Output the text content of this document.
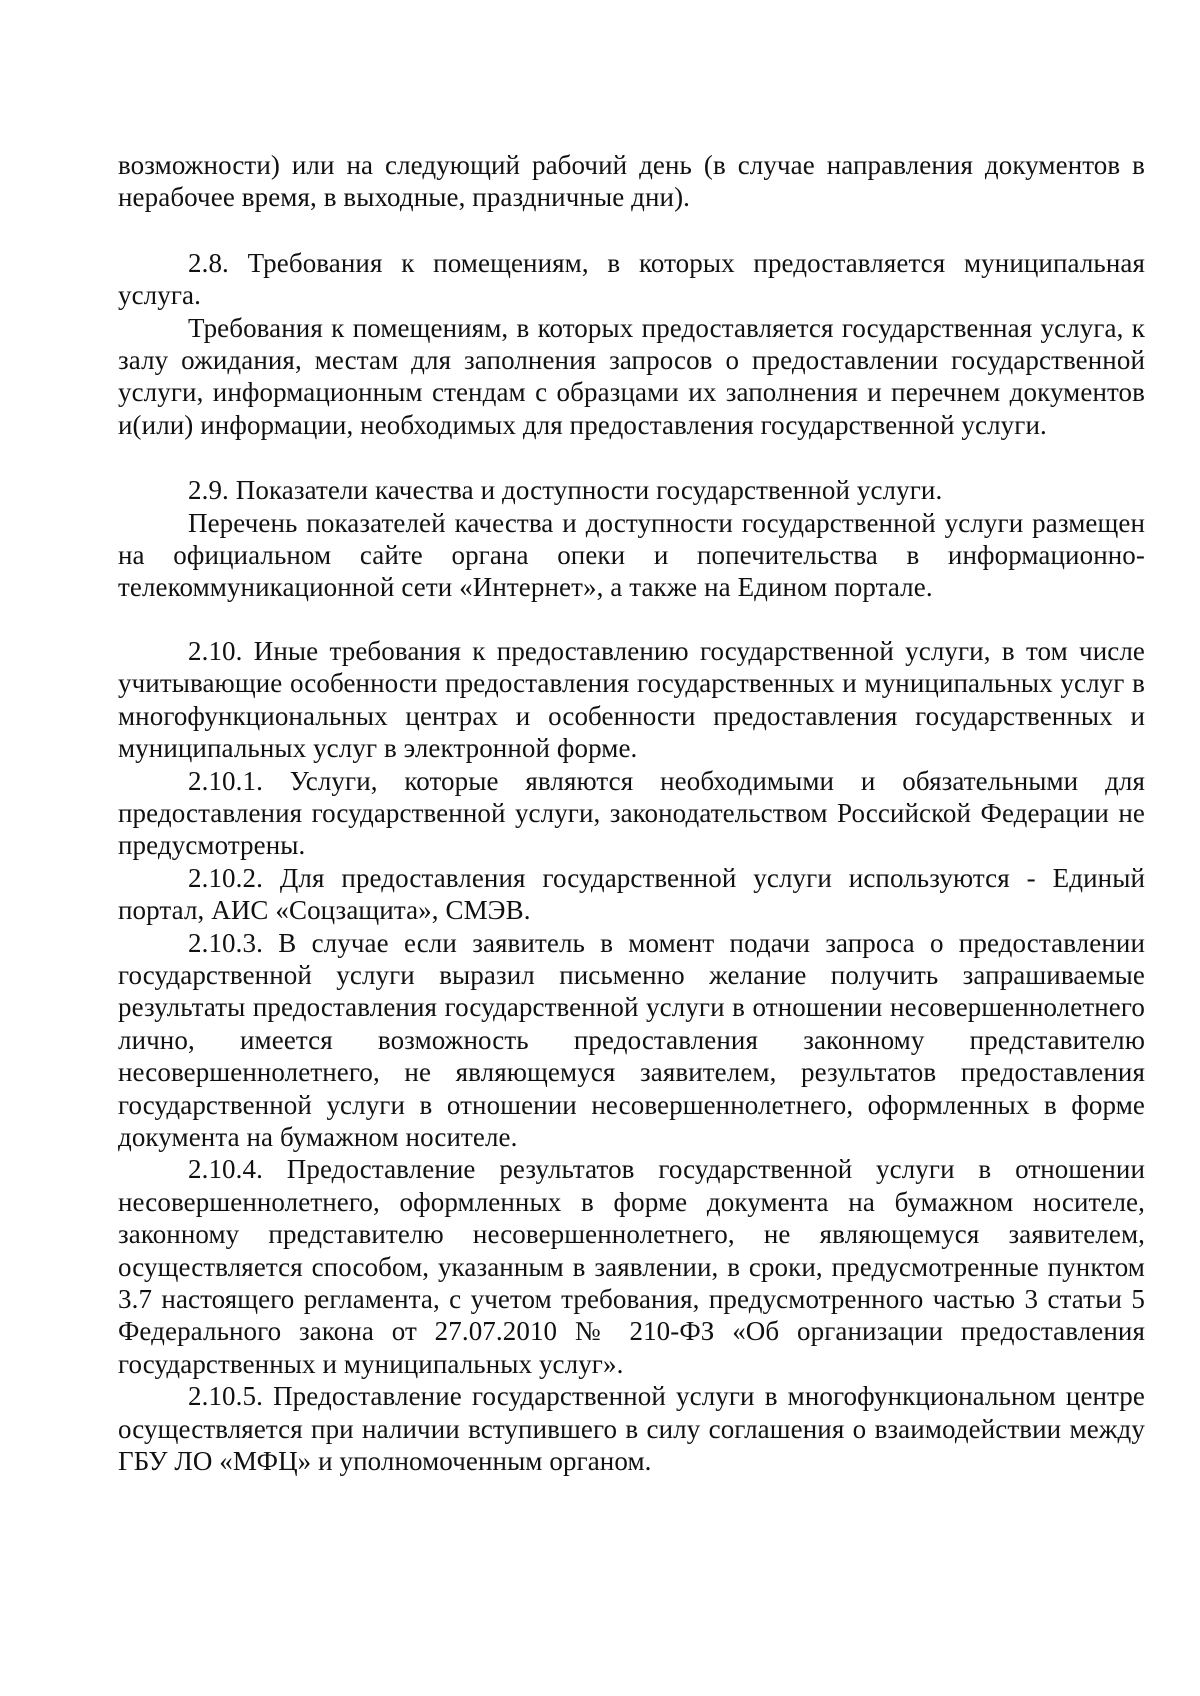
возможности) или на следующий рабочий день (в случае направления документов в нерабочее время, в выходные, праздничные дни).

2.8. Требования к помещениям, в которых предоставляется муниципальная услуга.

Требования к помещениям, в которых предоставляется государственная услуга, к залу ожидания, местам для заполнения запросов о предоставлении государственной услуги, информационным стендам с образцами их заполнения и перечнем документов и(или) информации, необходимых для предоставления государственной услуги.

2.9. Показатели качества и доступности государственной услуги.

Перечень показателей качества и доступности государственной услуги размещен на официальном сайте органа опеки и попечительства в информационно-телекоммуникационной сети «Интернет», а также на Едином портале.

2.10. Иные требования к предоставлению государственной услуги, в том числе учитывающие особенности предоставления государственных и муниципальных услуг в многофункциональных центрах и особенности предоставления государственных и муниципальных услуг в электронной форме.

2.10.1. Услуги, которые являются необходимыми и обязательными для предоставления государственной услуги, законодательством Российской Федерации не предусмотрены.

2.10.2. Для предоставления государственной услуги используются - Единый портал, АИС «Соцзащита», СМЭВ.

2.10.3. В случае если заявитель в момент подачи запроса о предоставлении государственной услуги выразил письменно желание получить запрашиваемые результаты предоставления государственной услуги в отношении несовершеннолетнего лично, имеется возможность предоставления законному представителю несовершеннолетнего, не являющемуся заявителем, результатов предоставления государственной услуги в отношении несовершеннолетнего, оформленных в форме документа на бумажном носителе.

2.10.4. Предоставление результатов государственной услуги в отношении несовершеннолетнего, оформленных в форме документа на бумажном носителе, законному представителю несовершеннолетнего, не являющемуся заявителем, осуществляется способом, указанным в заявлении, в сроки, предусмотренные пунктом 3.7 настоящего регламента, с учетом требования, предусмотренного частью 3 статьи 5 Федерального закона от 27.07.2010 № 210-ФЗ «Об организации предоставления государственных и муниципальных услуг».

2.10.5. Предоставление государственной услуги в многофункциональном центре осуществляется при наличии вступившего в силу соглашения о взаимодействии между ГБУ ЛО «МФЦ» и уполномоченным органом.
